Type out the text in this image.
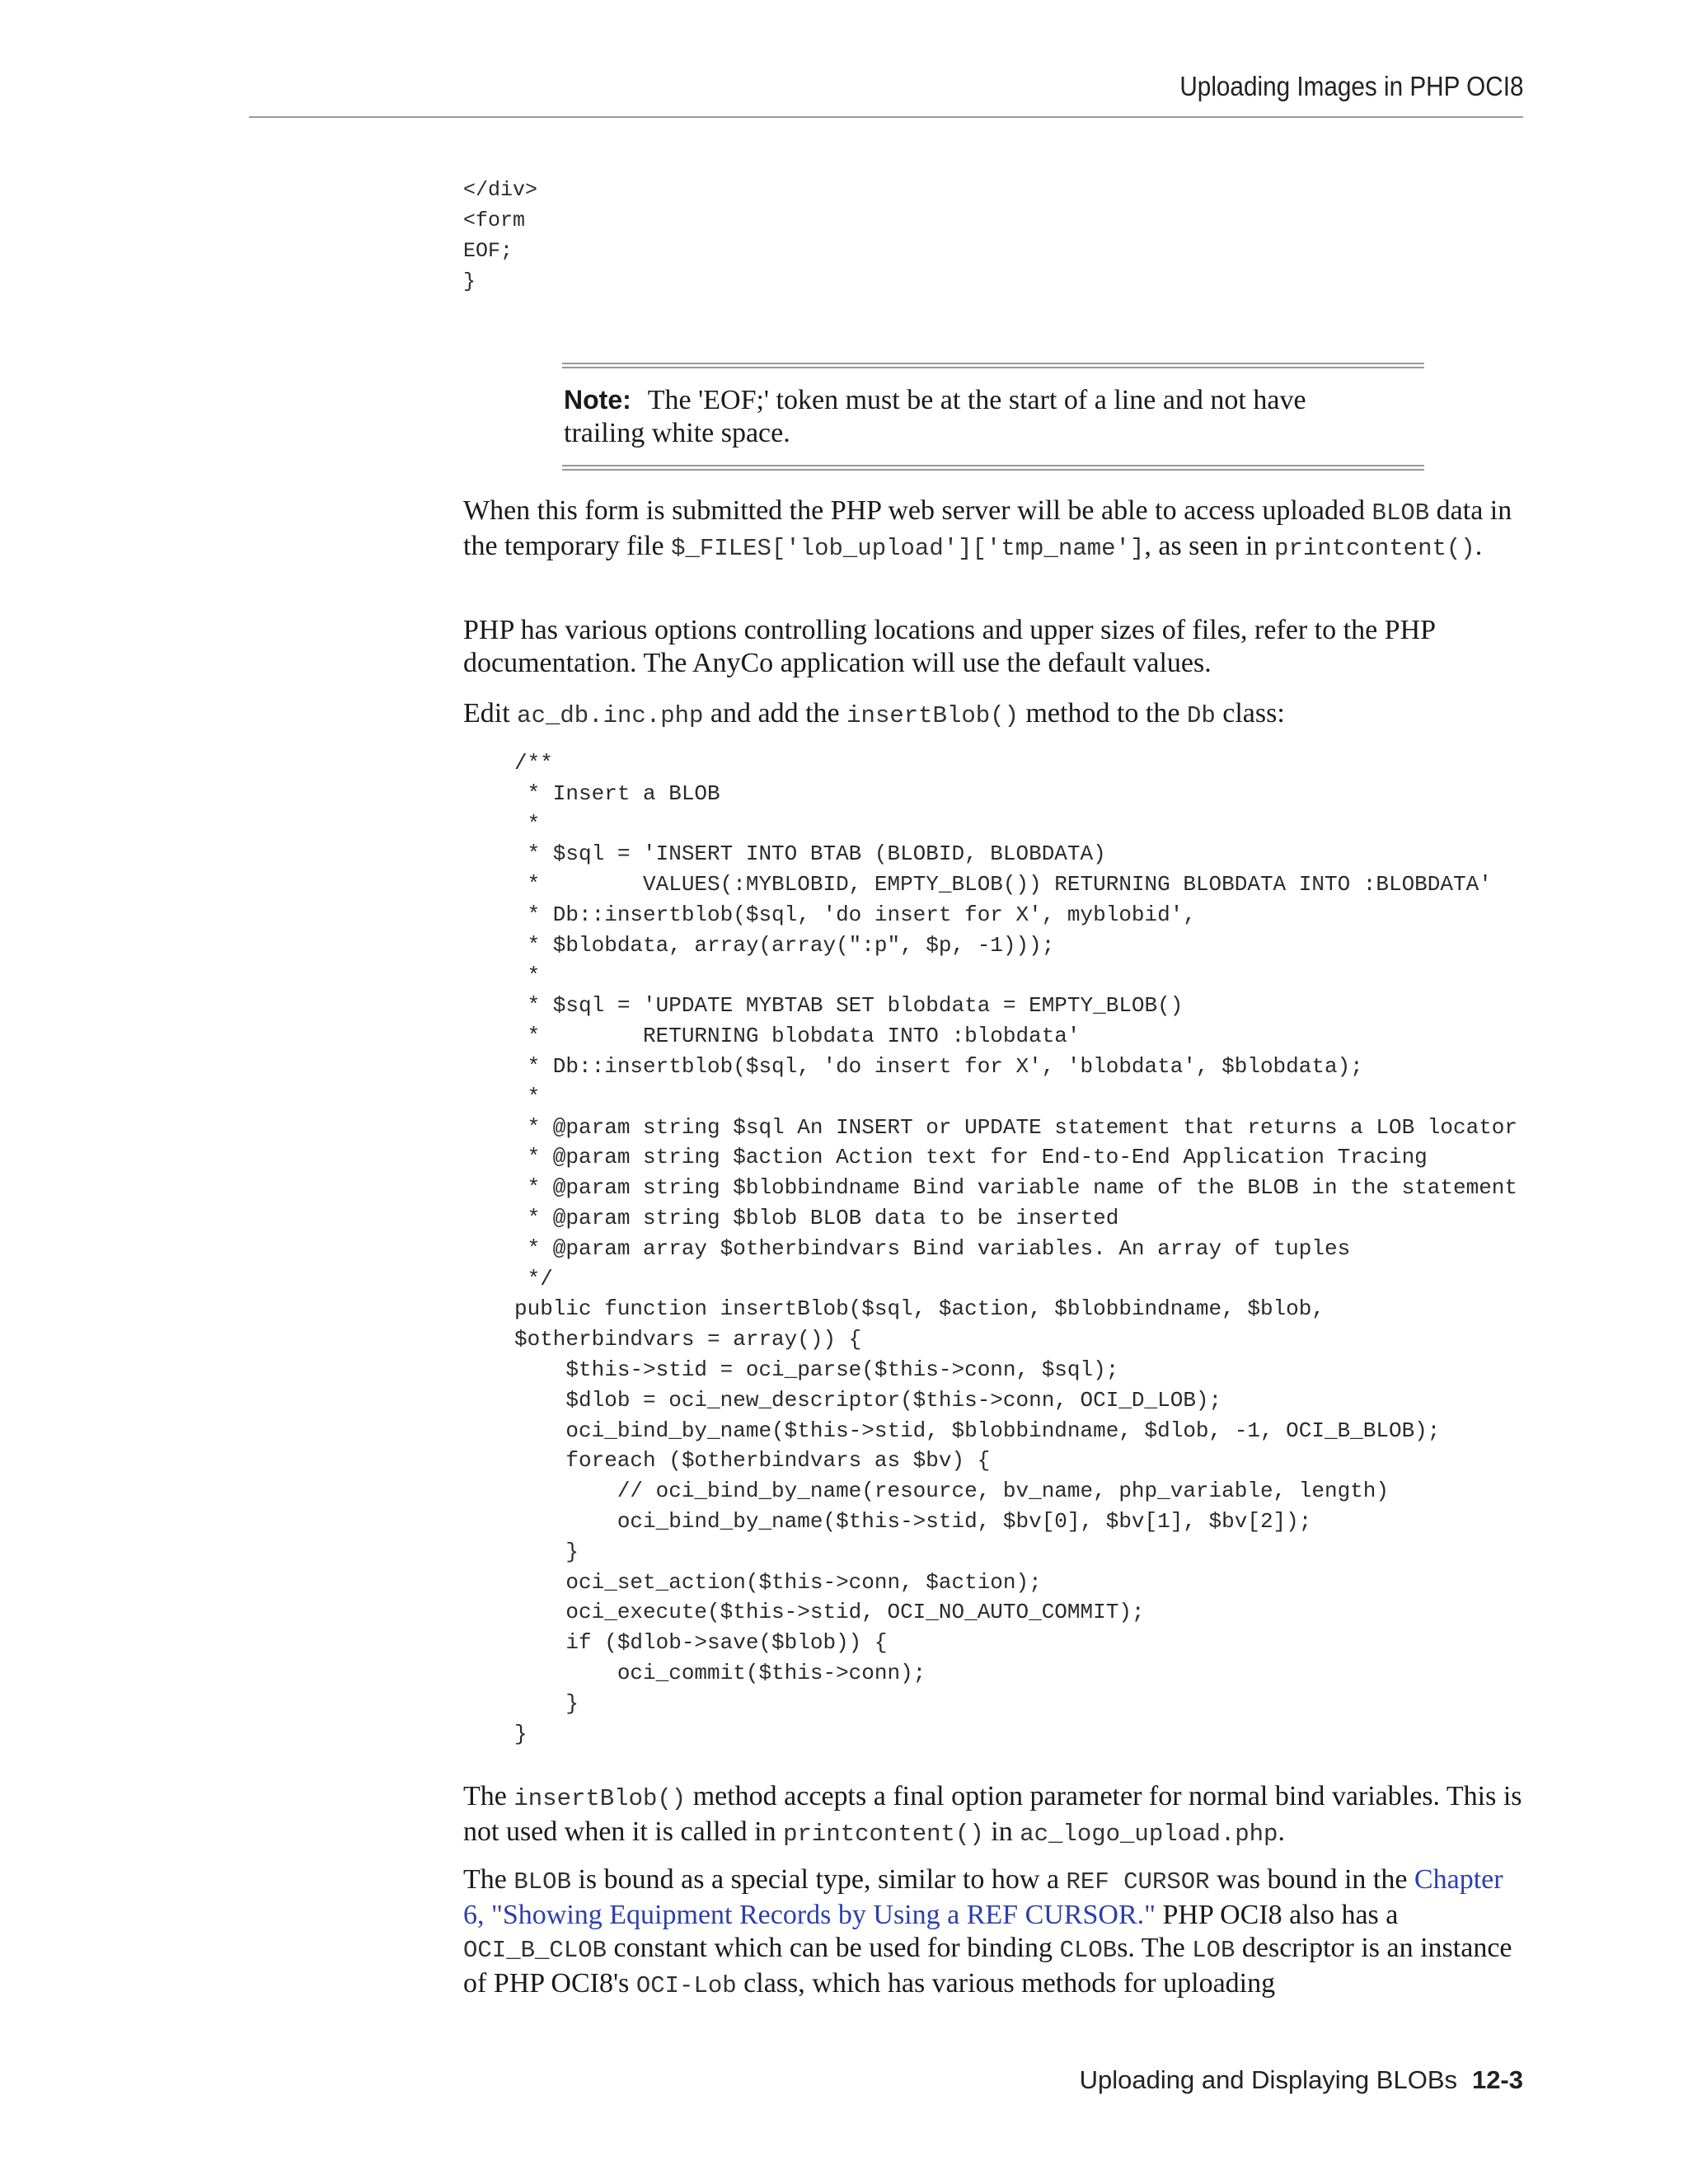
Uploading Images in PHP OCI8
</div>
<form
EOF;
}
Note: The 'EOF;' token must be at the start of a line and not have
trailing white space.

When this form is submitted the PHP web server will be able to access uploaded BLOB data in the temporary file $_FILES['lob_upload']['tmp_name'], as seen in printcontent().

PHP has various options controlling locations and upper sizes of files, refer to the PHP documentation. The AnyCo application will use the default values.

Edit ac_db.inc.php and add the insertBlob() method to the Db class:

/**
* Insert a BLOB
*
* $sql = 'INSERT INTO BTAB (BLOBID, BLOBDATA)
*        VALUES(:MYBLOBID, EMPTY_BLOB()) RETURNING BLOBDATA INTO :BLOBDATA'
* Db::insertblob($sql, 'do insert for X', myblobid',
* $blobdata, array(array(":p", $p, -1)));
*
* $sql = 'UPDATE MYBTAB SET blobdata = EMPTY_BLOB()
*        RETURNING blobdata INTO :blobdata'
* Db::insertblob($sql, 'do insert for X', 'blobdata', $blobdata);
*
* @param string $sql An INSERT or UPDATE statement that returns a LOB locator
* @param string $action Action text for End-to-End Application Tracing
* @param string $blobbindname Bind variable name of the BLOB in the statement
* @param string $blob BLOB data to be inserted
* @param array $otherbindvars Bind variables. An array of tuples
*/
public function insertBlob($sql, $action, $blobbindname, $blob,
$otherbindvars = array()) {
$this->stid = oci_parse($this->conn, $sql);
$dlob = oci_new_descriptor($this->conn, OCI_D_LOB);
oci_bind_by_name($this->stid, $blobbindname, $dlob, -1, OCI_B_BLOB);
foreach ($otherbindvars as $bv) {
// oci_bind_by_name(resource, bv_name, php_variable, length)
oci_bind_by_name($this->stid, $bv[0], $bv[1], $bv[2]);
}
oci_set_action($this->conn, $action);
oci_execute($this->stid, OCI_NO_AUTO_COMMIT);
if ($dlob->save($blob)) {
oci_commit($this->conn);
}
}

The insertBlob() method accepts a final option parameter for normal bind variables. This is not used when it is called in printcontent() in ac_logo_upload.php.

The BLOB is bound as a special type, similar to how a REF CURSOR was bound in the Chapter 6, "Showing Equipment Records by Using a REF CURSOR." PHP OCI8 also has a OCI_B_CLOB constant which can be used for binding CLOBs. The LOB descriptor is an instance of PHP OCI8's OCI-Lob class, which has various methods for uploading

Uploading and Displaying BLOBs 12-3
